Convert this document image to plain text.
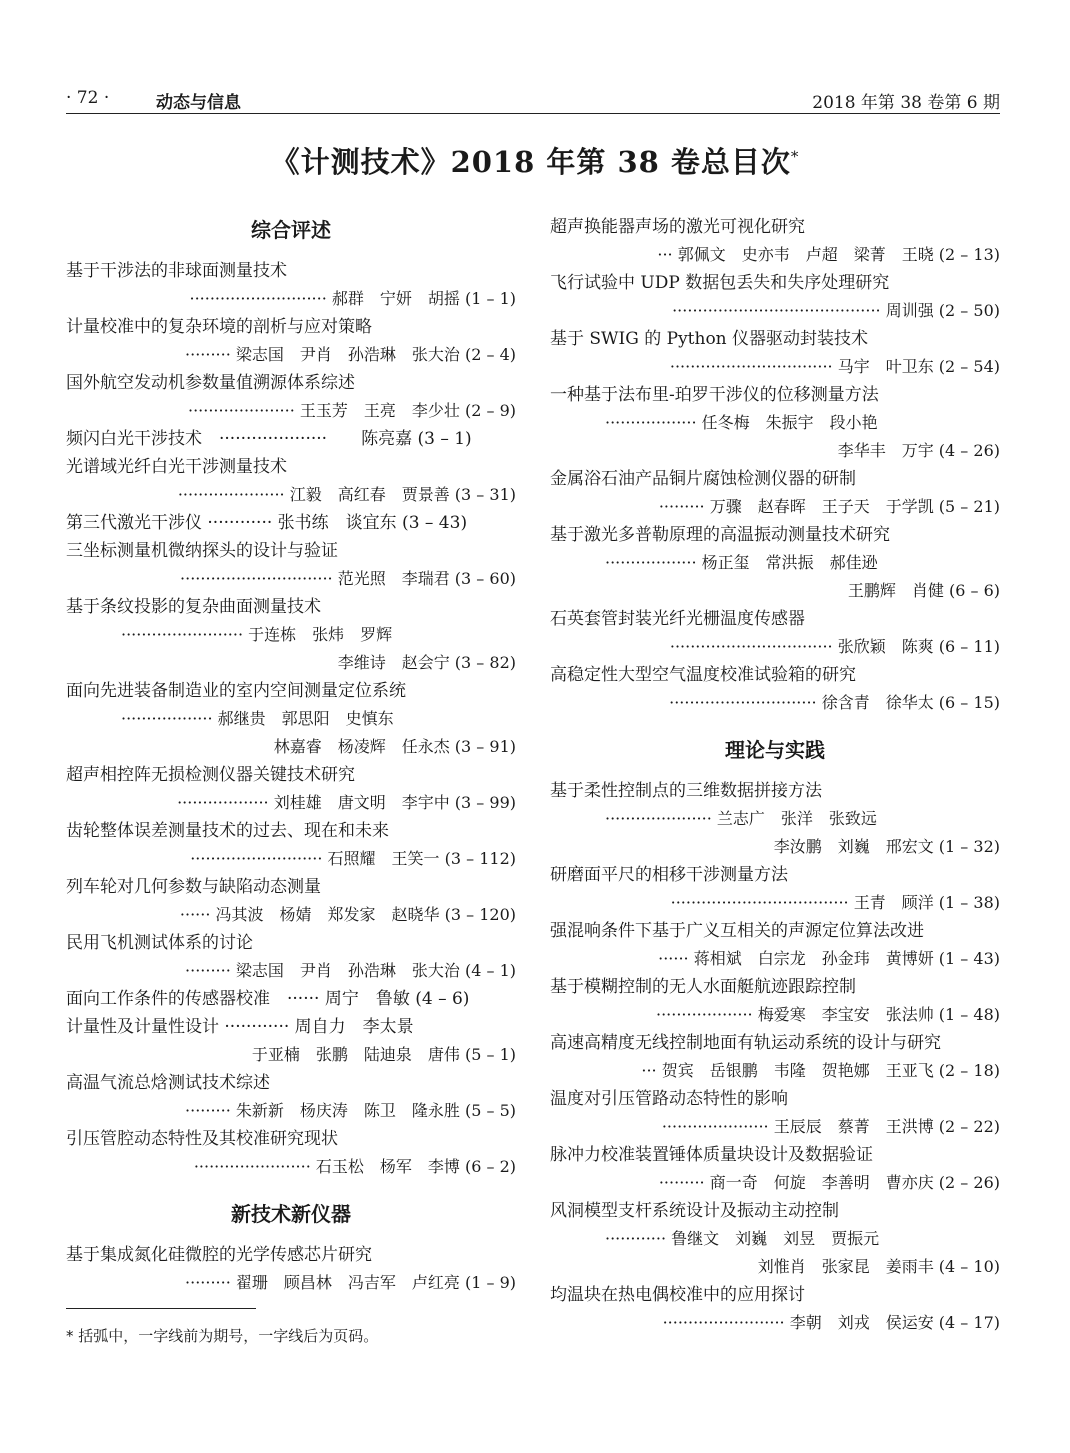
· 72 ·	动态与信息	2018 年第 38 卷第 6 期
《计测技术》2018 年第 38 卷总目次*
综合评述
基于干涉法的非球面测量技术
··························· 郝群　宁妍　胡摇 (1 – 1)
计量校准中的复杂环境的剖析与应对策略
········· 梁志国　尹肖　孙浩琳　张大治 (2 – 4)
国外航空发动机参数量值溯源体系综述
····················· 王玉芳　王亮　李少壮 (2 – 9)
频闪白光干涉技术　····················　　陈亮嘉 (3 – 1)
光谱域光纤白光干涉测量技术
····················· 江毅　高红春　贾景善 (3 – 31)
第三代激光干涉仪 ············ 张书练　谈宜东 (3 – 43)
三坐标测量机微纳探头的设计与验证
······························ 范光照　李瑞君 (3 – 60)
基于条纹投影的复杂曲面测量技术
························ 于连栋　张炜　罗辉
李维诗　赵会宁 (3 – 82)
面向先进装备制造业的室内空间测量定位系统
·················· 郝继贵　郭思阳　史慎东
林嘉睿　杨凌辉　任永杰 (3 – 91)
超声相控阵无损检测仪器关键技术研究
·················· 刘桂雄　唐文明　李宇中 (3 – 99)
齿轮整体误差测量技术的过去、现在和未来
·························· 石照耀　王笑一 (3 – 112)
列车轮对几何参数与缺陷动态测量
······ 冯其波　杨婧　郑发家　赵晓华 (3 – 120)
民用飞机测试体系的讨论
········· 梁志国　尹肖　孙浩琳　张大治 (4 – 1)
面向工作条件的传感器校准　······ 周宁　鲁敏 (4 – 6)
计量性及计量性设计 ············ 周自力　李太景
于亚楠　张鹏　陆迪泉　唐伟 (5 – 1)
高温气流总焓测试技术综述
········· 朱新新　杨庆涛　陈卫　隆永胜 (5 – 5)
引压管腔动态特性及其校准研究现状
······················· 石玉松　杨军　李博 (6 – 2)
新技术新仪器
基于集成氮化硅微腔的光学传感芯片研究
········· 翟珊　顾昌林　冯吉军　卢红亮 (1 – 9)
超声换能器声场的激光可视化研究
··· 郭佩文　史亦韦　卢超　梁菁　王晓 (2 – 13)
飞行试验中 UDP 数据包丢失和失序处理研究
········································· 周训强 (2 – 50)
基于 SWIG 的 Python 仪器驱动封装技术
································ 马宇　叶卫东 (2 – 54)
一种基于法布里-珀罗干涉仪的位移测量方法
·················· 任冬梅　朱振宇　段小艳
李华丰　万宇 (4 – 26)
金属浴石油产品铜片腐蚀检测仪器的研制
········· 万骤　赵春晖　王子天　于学凯 (5 – 21)
基于激光多普勒原理的高温振动测量技术研究
·················· 杨正玺　常洪振　郝佳逊
王鹏辉　肖健 (6 – 6)
石英套管封装光纤光栅温度传感器
································ 张欣颖　陈爽 (6 – 11)
高稳定性大型空气温度校准试验箱的研究
····························· 徐含青　徐华太 (6 – 15)
理论与实践
基于柔性控制点的三维数据拼接方法
····················· 兰志广　张洋　张致远
李汝鹏　刘巍　邢宏文 (1 – 32)
研磨面平尺的相移干涉测量方法
··································· 王青　顾洋 (1 – 38)
强混响条件下基于广义互相关的声源定位算法改进
······ 蒋相斌　白宗龙　孙金玮　黄博妍 (1 – 43)
基于模糊控制的无人水面艇航迹跟踪控制
··················· 梅爱寒　李宝安　张法帅 (1 – 48)
高速高精度无线控制地面有轨运动系统的设计与研究
··· 贺宾　岳银鹏　韦隆　贺艳娜　王亚飞 (2 – 18)
温度对引压管路动态特性的影响
····················· 王辰辰　蔡菁　王洪博 (2 – 22)
脉冲力校准装置锤体质量块设计及数据验证
········· 商一奇　何旋　李善明　曹亦庆 (2 – 26)
风洞模型支杆系统设计及振动主动控制
············ 鲁继文　刘巍　刘昱　贾振元
刘惟肖　张家昆　姜雨丰 (4 – 10)
均温块在热电偶校准中的应用探讨
························ 李朝　刘戎　侯运安 (4 – 17)
* 括弧中，一字线前为期号，一字线后为页码。
